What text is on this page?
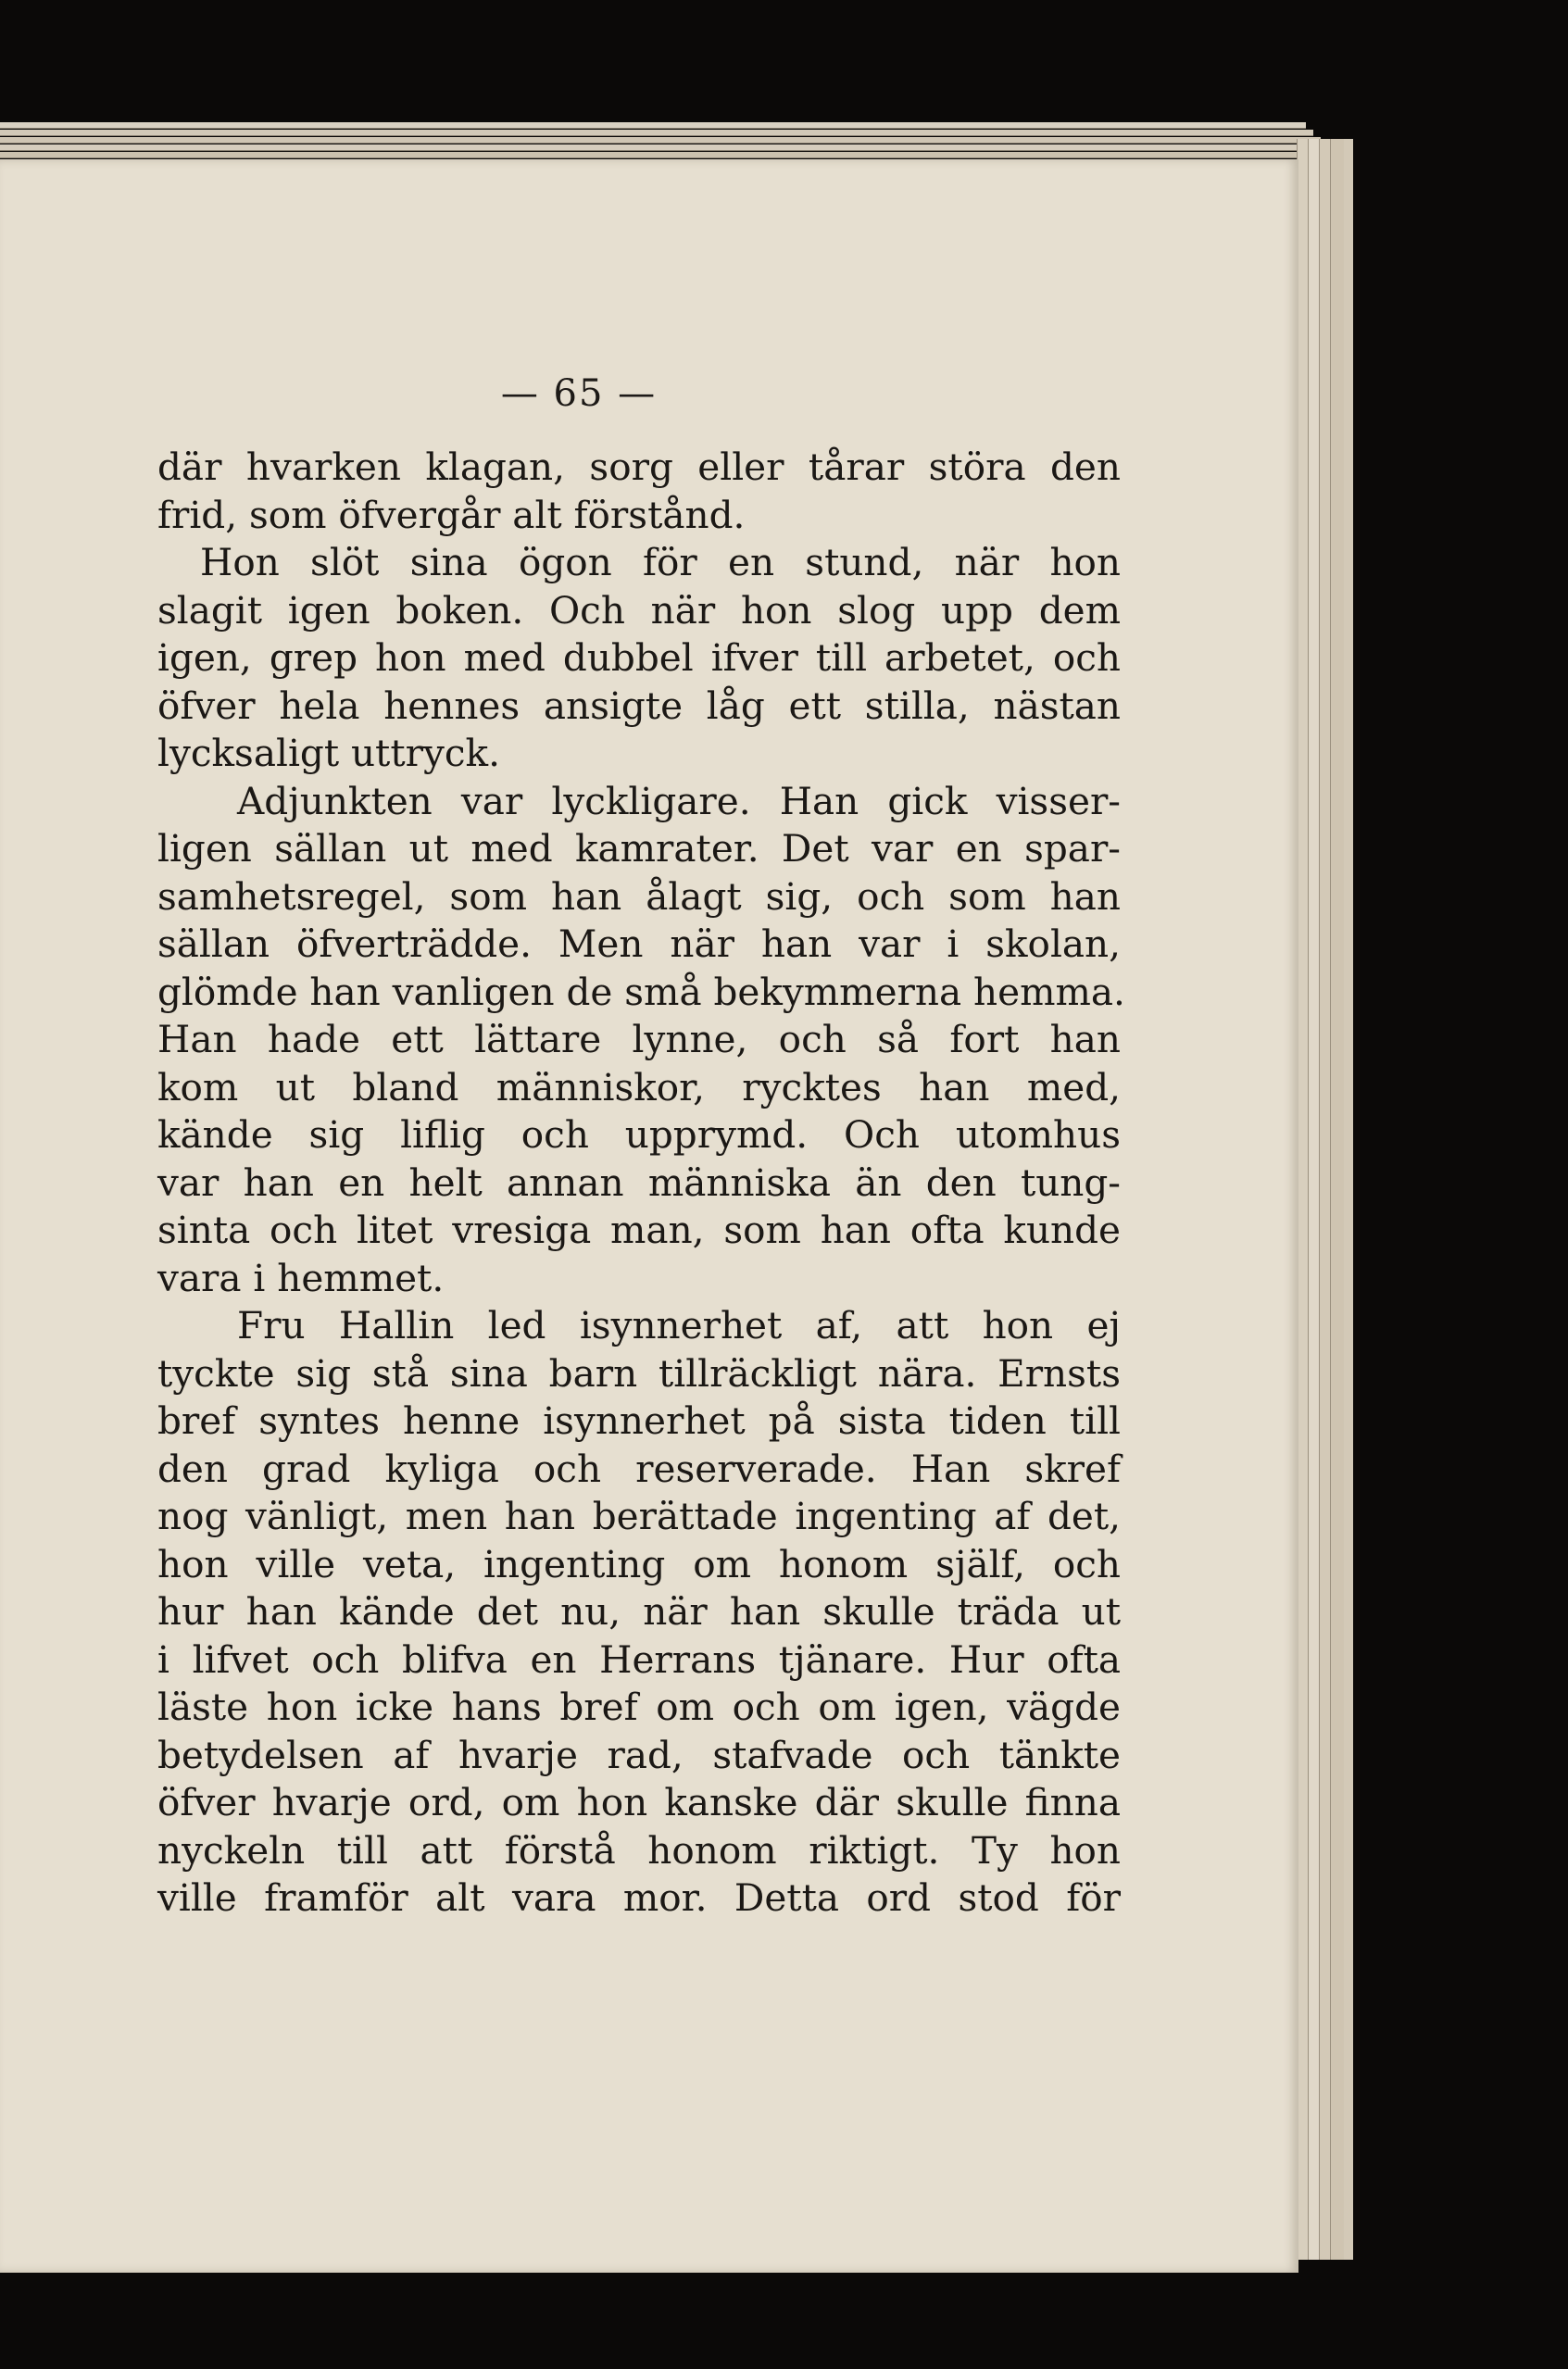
— 65 —
där hvarken klagan, sorg eller tårar störa den
frid, som öfvergår alt förstånd.
Hon slöt sina ögon för en stund, när hon
slagit igen boken. Och när hon slog upp dem
igen, grep hon med dubbel ifver till arbetet, och
öfver hela hennes ansigte låg ett stilla, nästan
lycksaligt uttryck.
Adjunkten var lyckligare. Han gick visser-
ligen sällan ut med kamrater. Det var en spar-
samhetsregel, som han ålagt sig, och som han
sällan öfverträdde. Men när han var i skolan,
glömde han vanligen de små bekymmerna hemma.
Han hade ett lättare lynne, och så fort han
kom ut bland människor, rycktes han med,
kände sig liflig och upprymd. Och utomhus
var han en helt annan människa än den tung-
sinta och litet vresiga man, som han ofta kunde
vara i hemmet.
Fru Hallin led isynnerhet af, att hon ej
tyckte sig stå sina barn tillräckligt nära. Ernsts
bref syntes henne isynnerhet på sista tiden till
den grad kyliga och reserverade. Han skref
nog vänligt, men han berättade ingenting af det,
hon ville veta, ingenting om honom själf, och
hur han kände det nu, när han skulle träda ut
i lifvet och blifva en Herrans tjänare. Hur ofta
läste hon icke hans bref om och om igen, vägde
betydelsen af hvarje rad, stafvade och tänkte
öfver hvarje ord, om hon kanske där skulle finna
nyckeln till att förstå honom riktigt. Ty hon
ville framför alt vara mor. Detta ord stod för
